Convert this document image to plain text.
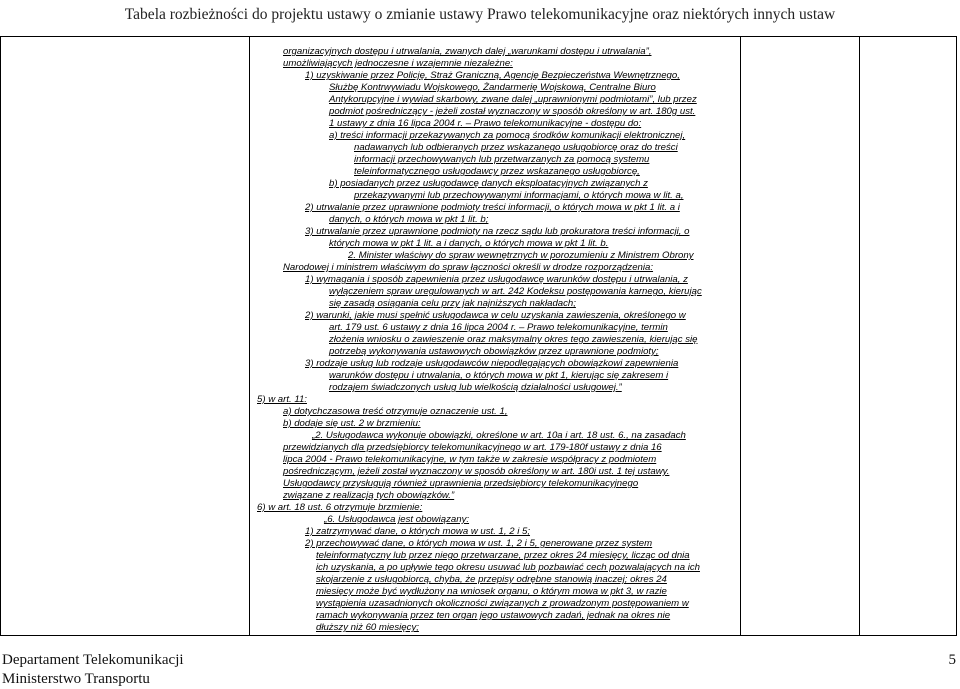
Tabela rozbieżności do projektu ustawy o zmianie ustawy Prawo telekomunikacyjne oraz niektórych innych ustaw
organizacyjnych dostępu i utrwalania, zwanych dalej „warunkami dostępu i utrwalania”,
umożliwiających jednoczesne i wzajemnie niezależne:
1) uzyskiwanie przez Policję, Straż Graniczną, Agencję Bezpieczeństwa Wewnętrznego,
Służbę Kontrwywiadu Wojskowego, Żandarmerię Wojskową, Centralne Biuro
Antykorupcyjne i wywiad skarbowy, zwane dalej „uprawnionymi podmiotami”, lub przez
podmiot pośredniczący - jeżeli został wyznaczony w sposób określony w art. 180g ust.
1 ustawy z dnia 16 lipca 2004 r. – Prawo telekomunikacyjne - dostępu do:
a) treści informacji przekazywanych za pomocą środków komunikacji elektronicznej,
nadawanych lub odbieranych przez wskazanego usługobiorcę oraz do treści
informacji przechowywanych lub przetwarzanych za pomocą systemu
teleinformatycznego usługodawcy przez wskazanego usługobiorcę,
b) posiadanych przez usługodawcę danych eksploatacyjnych związanych z
przekazywanymi lub przechowywanymi informacjami, o których mowa w lit. a,
2) utrwalanie przez uprawnione podmioty treści informacji, o których mowa w pkt 1 lit. a i
danych, o których mowa w pkt 1 lit. b;
3) utrwalanie przez uprawnione podmioty na rzecz sądu lub prokuratora treści informacji, o
których mowa w pkt 1 lit. a i danych, o których mowa w pkt 1 lit. b.
2. Minister właściwy do spraw wewnętrznych w porozumieniu z Ministrem Obrony
Narodowej i ministrem właściwym do spraw łączności określi w drodze rozporządzenia:
1) wymagania i sposób zapewnienia przez usługodawcę warunków dostępu i utrwalania, z
wyłączeniem spraw uregulowanych w art. 242 Kodeksu postępowania karnego, kierując
się zasadą osiągania celu przy jak najniższych nakładach;
2) warunki, jakie musi spełnić usługodawca w celu uzyskania zawieszenia, określonego w
art. 179 ust. 6 ustawy z dnia 16 lipca 2004 r. – Prawo telekomunikacyjne, termin
złożenia wniosku o zawieszenie oraz maksymalny okres tego zawieszenia, kierując się
potrzebą wykonywania ustawowych obowiązków przez uprawnione podmioty;
3) rodzaje usług lub rodzaje usługodawców niepodlegających obowiązkowi zapewnienia
warunków dostępu i utrwalania, o których mowa w pkt 1, kierując się zakresem i
rodzajem świadczonych usług lub wielkością działalności usługowej.”
5) w art. 11:
a) dotychczasowa treść otrzymuje oznaczenie ust. 1,
b) dodaje się ust. 2 w brzmieniu:
„2. Usługodawca wykonuje obowiązki, określone w art. 10a i art. 18 ust. 6., na zasadach
przewidzianych dla przedsiębiorcy telekomunikacyjnego w art. 179-180f ustawy z dnia 16
lipca 2004 - Prawo telekomunikacyjne, w tym także w zakresie współpracy z podmiotem
pośredniczącym, jeżeli został wyznaczony w sposób określony w art. 180i ust. 1 tej ustawy.
Usługodawcy przysługują również uprawnienia przedsiębiorcy telekomunikacyjnego
związane z realizacją tych obowiązków.”
6) w art. 18 ust. 6 otrzymuje brzmienie:
„6. Usługodawca jest obowiązany:
1) zatrzymywać dane, o których mowa w ust. 1, 2 i 5;
2) przechowywać dane, o których mowa w ust. 1, 2 i 5, generowane przez system
teleinformatyczny lub przez niego przetwarzane, przez okres 24 miesięcy, licząc od dnia
ich uzyskania, a po upływie tego okresu usuwać lub pozbawiać cech pozwalających na ich
skojarzenie z usługobiorcą, chyba, że przepisy odrębne stanowią inaczej; okres 24
miesięcy może być wydłużony na wniosek organu, o którym mowa w pkt 3, w razie
wystąpienia uzasadnionych okoliczności związanych z prowadzonym postępowaniem w
ramach wykonywania przez ten organ jego ustawowych zadań, jednak na okres nie
dłuższy niż 60 miesięcy;
Departament Telekomunikacji
Ministerstwo Transportu
5
